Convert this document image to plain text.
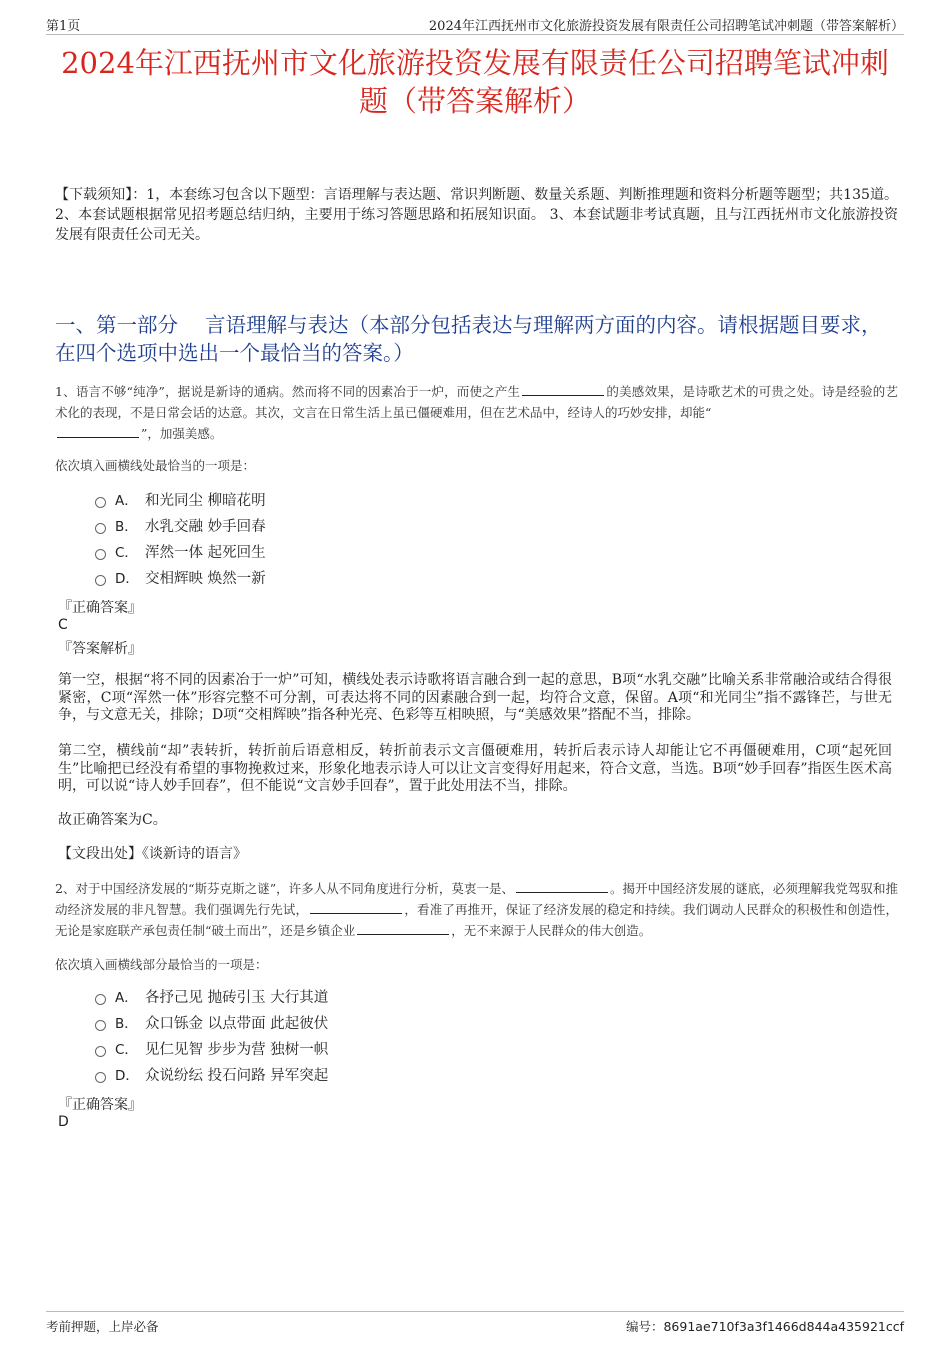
第1页	2024年江西抚州市文化旅游投资发展有限责任公司招聘笔试冲刺题（带答案解析）
2024年江西抚州市文化旅游投资发展有限责任公司招聘笔试冲刺题（带答案解析）
【下载须知】：1，本套练习包含以下题型：言语理解与表达题、常识判断题、数量关系题、判断推理题和资料分析题等题型；共135道。 2、本套试题根据常见招考题总结归纳，主要用于练习答题思路和拓展知识面。 3、本套试题非考试真题，且与江西抚州市文化旅游投资发展有限责任公司无关。
一、第一部分　 言语理解与表达（本部分包括表达与理解两方面的内容。请根据题目要求，在四个选项中选出一个最恰当的答案。）
1、语言不够“纯净”，据说是新诗的通病。然而将不同的因素冶于一炉，而使之产生	的美感效果，是诗歌艺术的可贵之处。诗是经验的艺术化的表现，不是日常会话的达意。其次，文言在日常生活上虽已僵硬难用，但在艺术品中，经诗人的巧妙安排，却能“
”，加强美感。
依次填入画横线处最恰当的一项是：
A． 和光同尘 柳暗花明
B． 水乳交融 妙手回春
C． 浑然一体 起死回生
D． 交相辉映 焕然一新
『正确答案』
C
『答案解析』
第一空，根据“将不同的因素冶于一炉”可知，横线处表示诗歌将语言融合到一起的意思，B项“水乳交融”比喻关系非常融洽或结合得很紧密，C项“浑然一体”形容完整不可分割，可表达将不同的因素融合到一起，均符合文意，保留。A项“和光同尘”指不露锋芒，与世无争，与文意无关，排除；D项“交相辉映”指各种光亮、色彩等互相映照，与“美感效果”搭配不当，排除。
第二空，横线前“却”表转折，转折前后语意相反，转折前表示文言僵硬难用，转折后表示诗人却能让它不再僵硬难用，C项“起死回生”比喻把已经没有希望的事物挽救过来，形象化地表示诗人可以让文言变得好用起来，符合文意，当选。B项“妙手回春”指医生医术高明，可以说“诗人妙手回春”，但不能说“文言妙手回春”，置于此处用法不当，排除。
故正确答案为C。
【文段出处】《谈新诗的语言》
2、对于中国经济发展的“斯芬克斯之谜”，许多人从不同角度进行分析，莫衷一是、	。揭开中国经济发展的谜底，必须理解我党驾驭和推动经济发展的非凡智慧。我们强调先行先试，	，看准了再推开，保证了经济发展的稳定和持续。我们调动人民群众的积极性和创造性，无论是家庭联产承包责任制“破土而出”，还是乡镇企业	，无不来源于人民群众的伟大创造。
依次填入画横线部分最恰当的一项是：
A． 各抒己见 抛砖引玉 大行其道
B． 众口铄金 以点带面 此起彼伏
C． 见仁见智 步步为营 独树一帜
D． 众说纷纭 投石问路 异军突起
『正确答案』
D
考前押题，上岸必备	编号：8691ae710f3a3f1466d844a435921ccf
